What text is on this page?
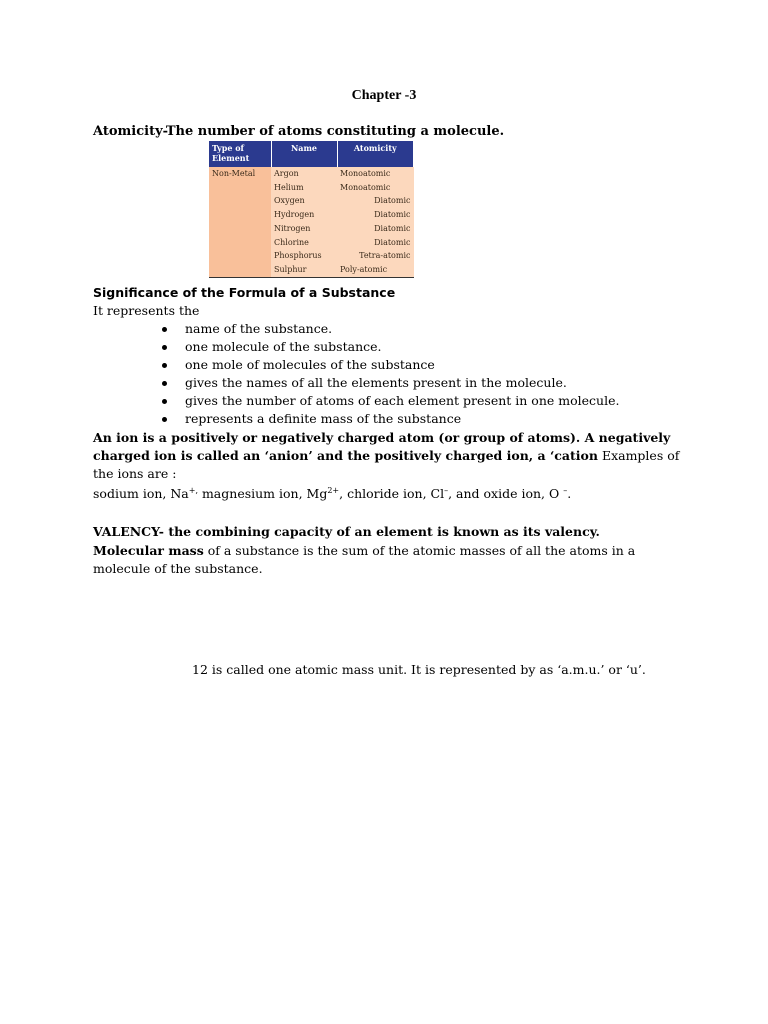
Chapter -3
Atomicity-The number of atoms constituting a molecule.
Type of Element	Name	Atomicity
Non-Metal	Argon	Monoatomic
	Helium	Monoatomic
	Oxygen	Diatomic
	Hydrogen	Diatomic
	Nitrogen	Diatomic
	Chlorine	Diatomic
	Phosphorus	Tetra-atomic
	Sulphur	Poly-atomic
Significance of the Formula of a Substance
It represents the
name of the substance.
one molecule of the substance.
one mole of molecules of the substance
gives the names of all the elements present in the molecule.
gives the number of atoms of each element present in one molecule.
represents a definite mass of the substance
An ion is a positively or negatively charged atom (or group of atoms). A negatively charged ion is called an ‘anion’ and the positively charged ion, a ‘cation Examples of the ions are :
sodium ion, Na+, magnesium ion, $Mg^{2+}$, chloride ion, Cl–, and oxide ion, O –.
VALENCY- the combining capacity of an element is known as its valency.
Molecular mass of a substance is the sum of the atomic masses of all the atoms in a molecule of the substance.
12 is called one atomic mass unit. It is represented by as ‘a.m.u.’ or ‘u’.
